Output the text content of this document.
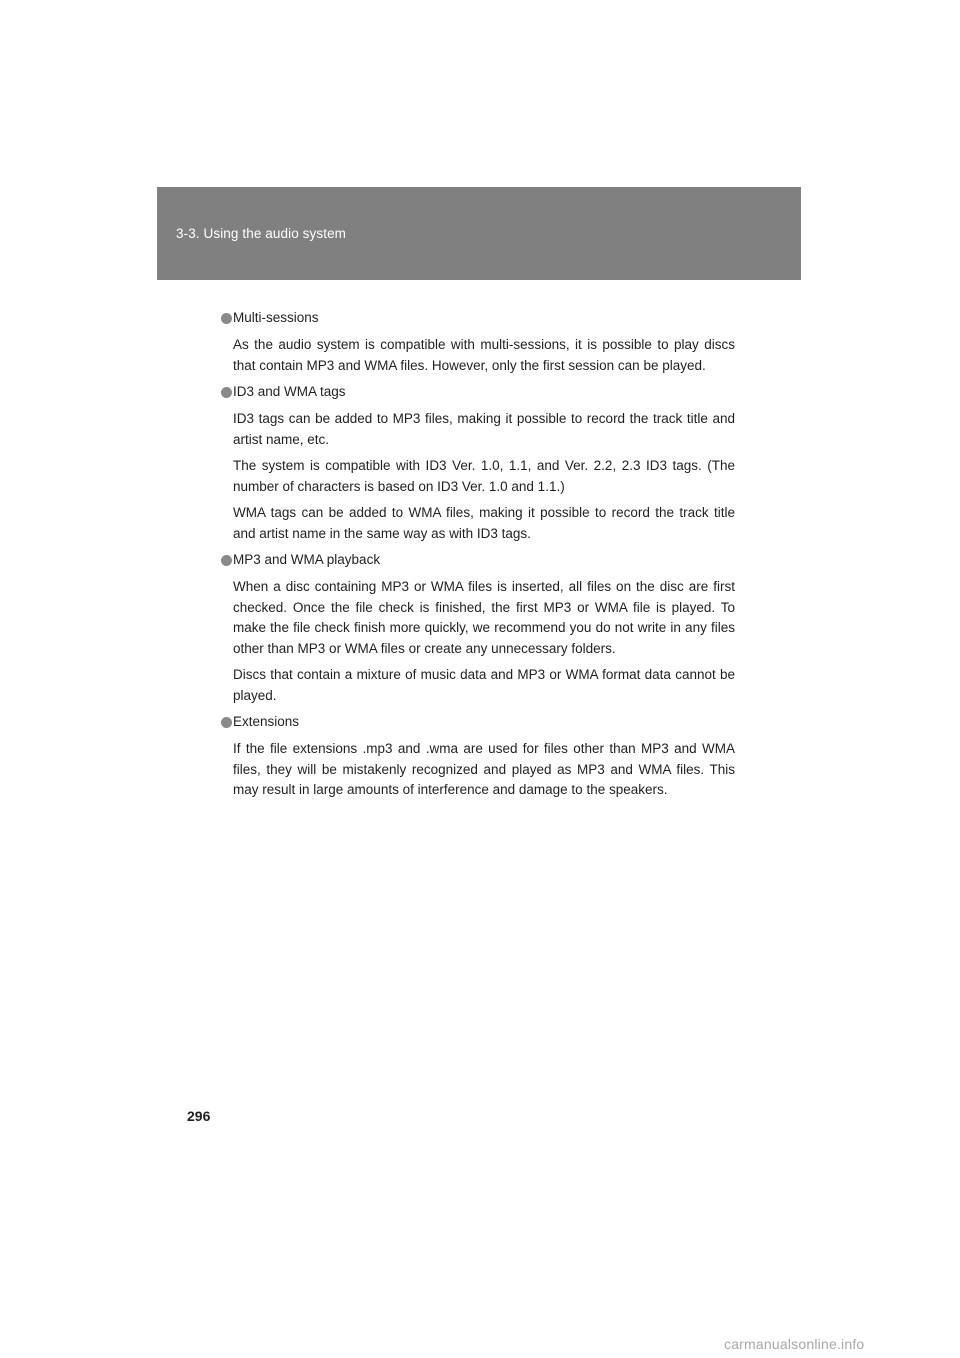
3-3. Using the audio system
Multi-sessions

As the audio system is compatible with multi-sessions, it is possible to play discs that contain MP3 and WMA files. However, only the first session can be played.

ID3 and WMA tags

ID3 tags can be added to MP3 files, making it possible to record the track title and artist name, etc.

The system is compatible with ID3 Ver. 1.0, 1.1, and Ver. 2.2, 2.3 ID3 tags. (The number of characters is based on ID3 Ver. 1.0 and 1.1.)

WMA tags can be added to WMA files, making it possible to record the track title and artist name in the same way as with ID3 tags.

MP3 and WMA playback

When a disc containing MP3 or WMA files is inserted, all files on the disc are first checked. Once the file check is finished, the first MP3 or WMA file is played. To make the file check finish more quickly, we recommend you do not write in any files other than MP3 or WMA files or create any unnecessary folders.

Discs that contain a mixture of music data and MP3 or WMA format data cannot be played.

Extensions

If the file extensions .mp3 and .wma are used for files other than MP3 and WMA files, they will be mistakenly recognized and played as MP3 and WMA files. This may result in large amounts of interference and damage to the speakers.

296
carmanualsonline.info
